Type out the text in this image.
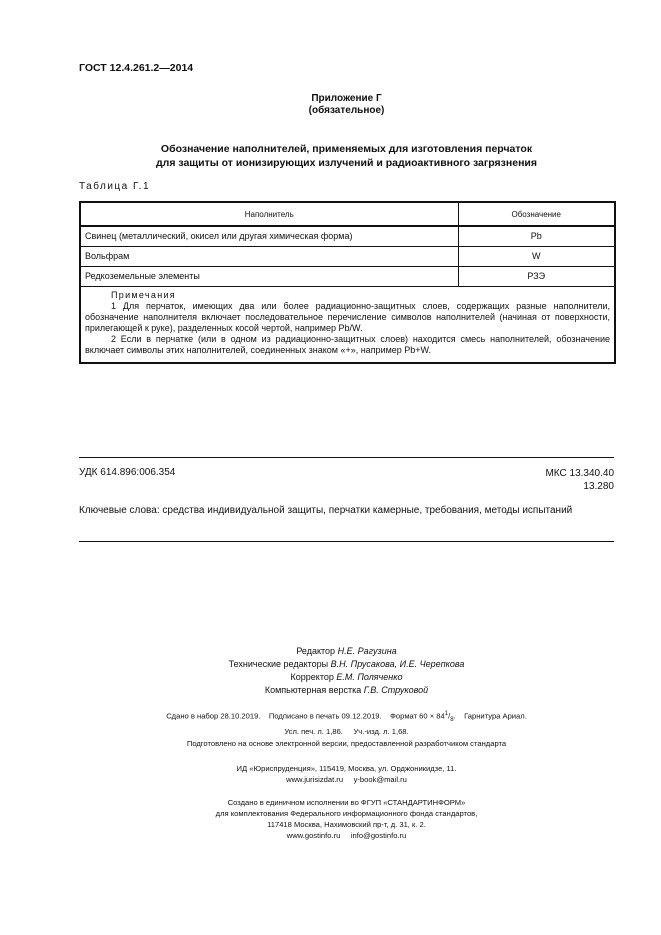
ГОСТ 12.4.261.2—2014
Приложение Г
(обязательное)
Обозначение наполнителей, применяемых для изготовления перчаток
для защиты от ионизирующих излучений и радиоактивного загрязнения
Таблица Г.1
Наполнитель	Обозначение
Свинец (металлический, окисел или другая химическая форма)	Pb
Вольфрам	W
Редкоземельные элементы	РЗЭ

Примечания

1 Для перчаток, имеющих два или более радиационно-защитных слоев, содержащих разные наполнители, обозначение наполнителя включает последовательное перечисление символов наполнителей (начиная от поверхности, прилегающей к руке), разделенных косой чертой, например Pb/W.

2 Если в перчатке (или в одном из радиационно-защитных слоев) находится смесь наполнителей, обозначение включает символы этих наполнителей, соединенных знаком «+», например Pb+W.	

УДК 614.896:006.354	МКС 13.340.40
13.280
Ключевые слова: средства индивидуальной защиты, перчатки камерные, требования, методы испытаний
Редактор Н.Е. Рагузина
Технические редакторы В.Н. Прусакова, И.Е. Черепкова
Корректор Е.М. Поляченко
Компьютерная верстка Г.В. Струковой
Сдано в набор 28.10.2019. Подписано в печать 09.12.2019. Формат $60 \times 84^1/_8$.    Гарнитура Ариал.
Усл. печ. л. 1,86.     Уч.-изд. л. 1,68.
Подготовлено на основе электронной версии, предоставленной разработчиком стандарта
ИД «Юриспруденция», 115419, Москва, ул. Орджоникидзе, 11.
www.jurisizdat.ru     y-book@mail.ru
Создано в единичном исполнении во ФГУП «СТАНДАРТИНФОРМ»
для комплектования Федерального информационного фонда стандартов,
117418 Москва, Нахимовский пр-т, д. 31, к. 2.
www.gostinfo.ru     info@gostinfo.ru
